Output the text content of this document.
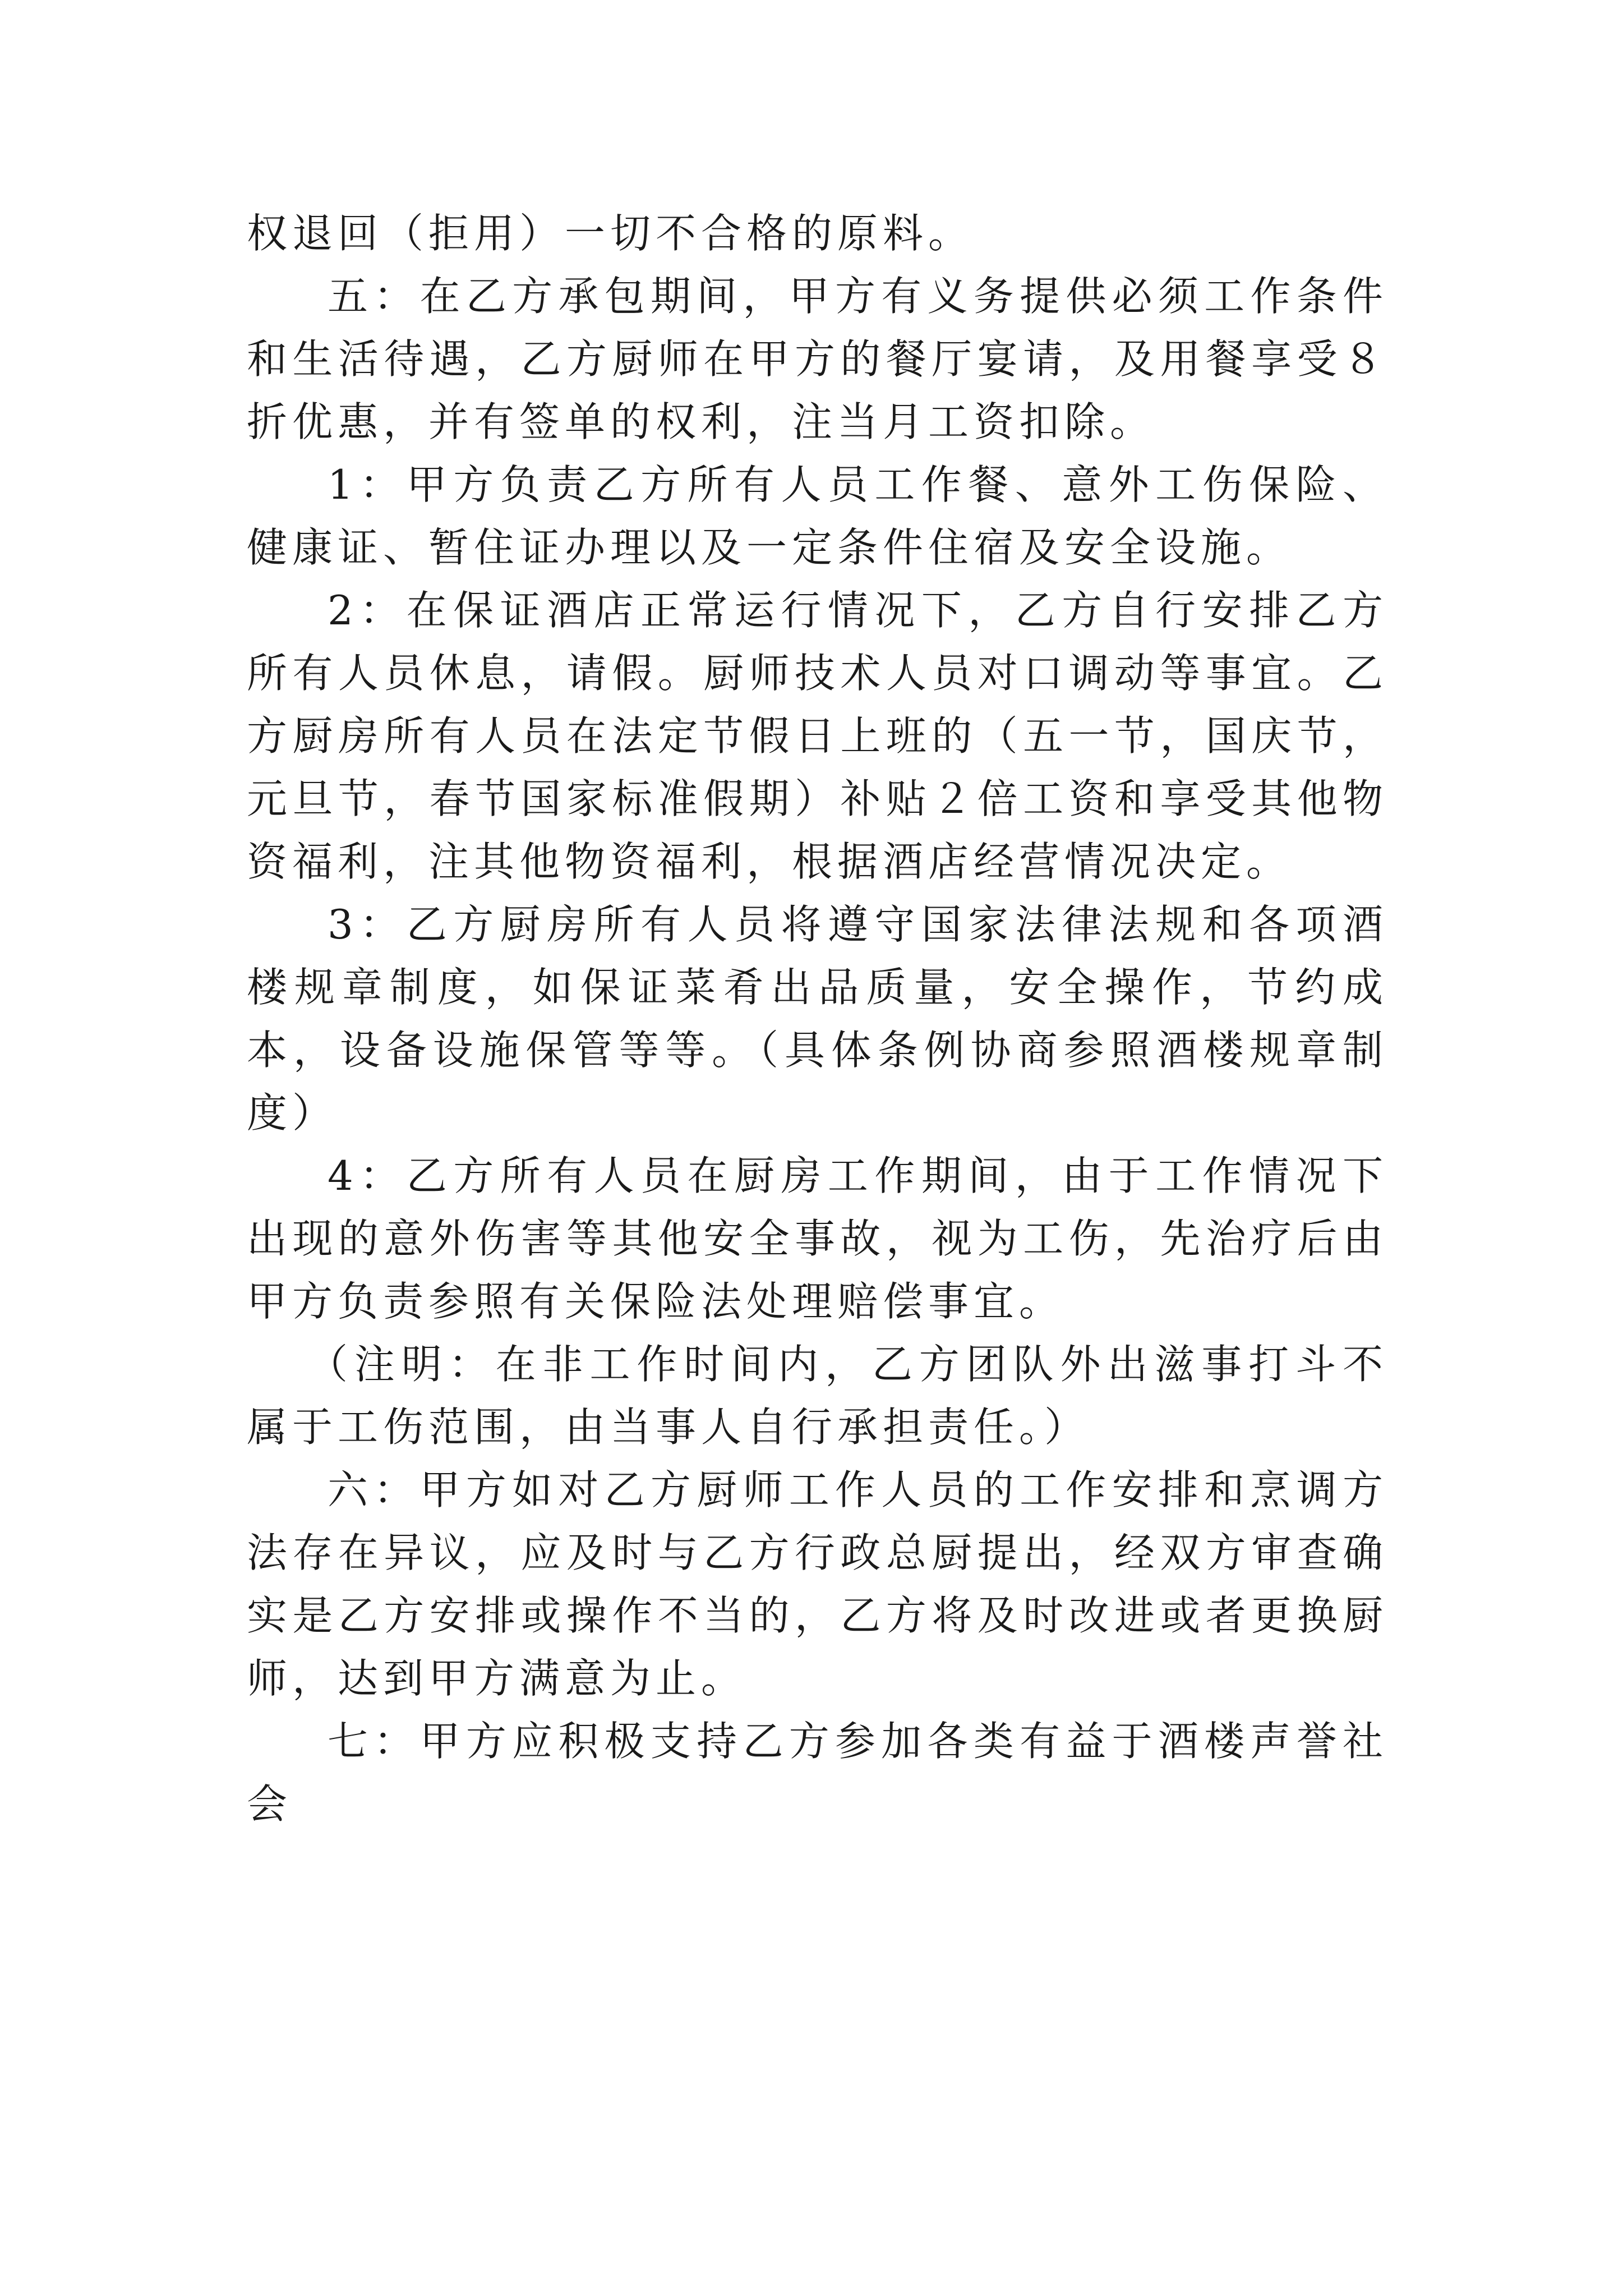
权退回（拒用）一切不合格的原料。

五：在乙方承包期间，甲方有义务提供必须工作条件和生活待遇，乙方厨师在甲方的餐厅宴请，及用餐享受８折优惠，并有签单的权利，注当月工资扣除。

1：甲方负责乙方所有人员工作餐、意外工伤保险、健康证、暂住证办理以及一定条件住宿及安全设施。

2：在保证酒店正常运行情况下，乙方自行安排乙方所有人员休息，请假。厨师技术人员对口调动等事宜。乙方厨房所有人员在法定节假日上班的（五一节，国庆节，元旦节，春节国家标准假期）补贴２倍工资和享受其他物资福利，注其他物资福利，根据酒店经营情况决定。

3：乙方厨房所有人员将遵守国家法律法规和各项酒楼规章制度，如保证菜肴出品质量，安全操作，节约成本，设备设施保管等等。（具体条例协商参照酒楼规章制度）

4：乙方所有人员在厨房工作期间，由于工作情况下出现的意外伤害等其他安全事故，视为工伤，先治疗后由甲方负责参照有关保险法处理赔偿事宜。

（注明：在非工作时间内，乙方团队外出滋事打斗不属于工伤范围，由当事人自行承担责任。）

六：甲方如对乙方厨师工作人员的工作安排和烹调方法存在异议，应及时与乙方行政总厨提出，经双方审查确实是乙方安排或操作不当的，乙方将及时改进或者更换厨师，达到甲方满意为止。

七：甲方应积极支持乙方参加各类有益于酒楼声誉社会
